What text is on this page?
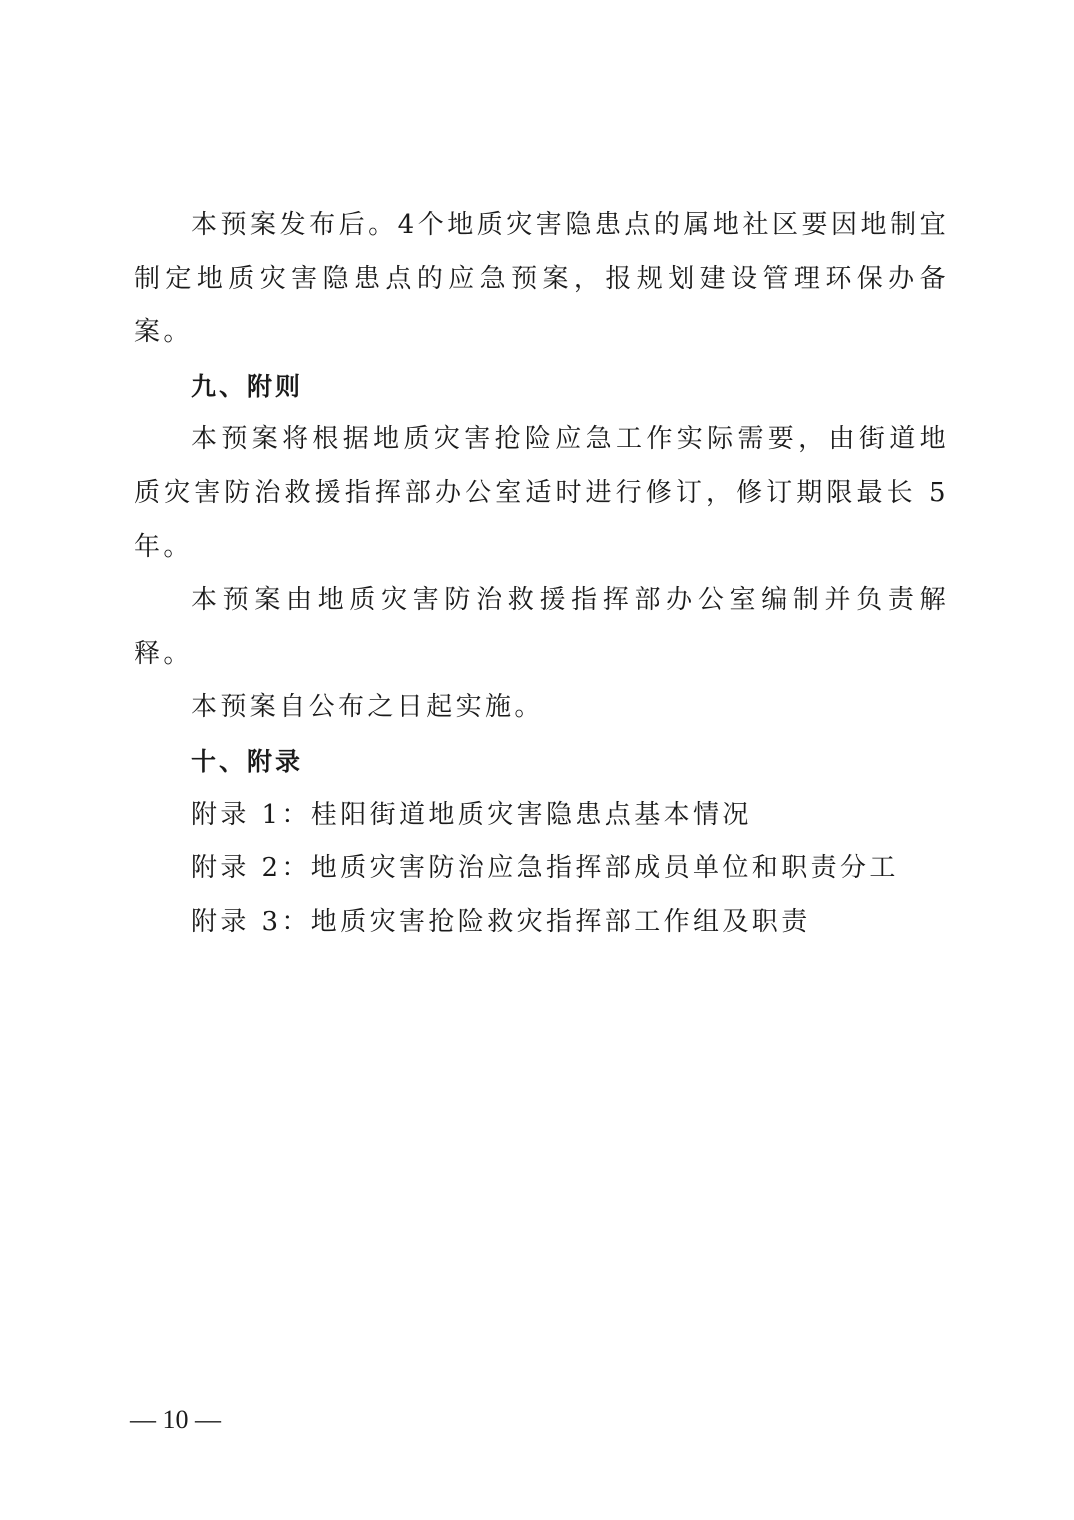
本预案发布后。4个地质灾害隐患点的属地社区要因地制宜制定地质灾害隐患点的应急预案，报规划建设管理环保办备案。

九、附则

本预案将根据地质灾害抢险应急工作实际需要，由街道地质灾害防治救援指挥部办公室适时进行修订，修订期限最长 5 年。

本预案由地质灾害防治救援指挥部办公室编制并负责解释。

本预案自公布之日起实施。

十、附录

附录 1：桂阳街道地质灾害隐患点基本情况

附录 2：地质灾害防治应急指挥部成员单位和职责分工

附录 3：地质灾害抢险救灾指挥部工作组及职责

— 10 —
